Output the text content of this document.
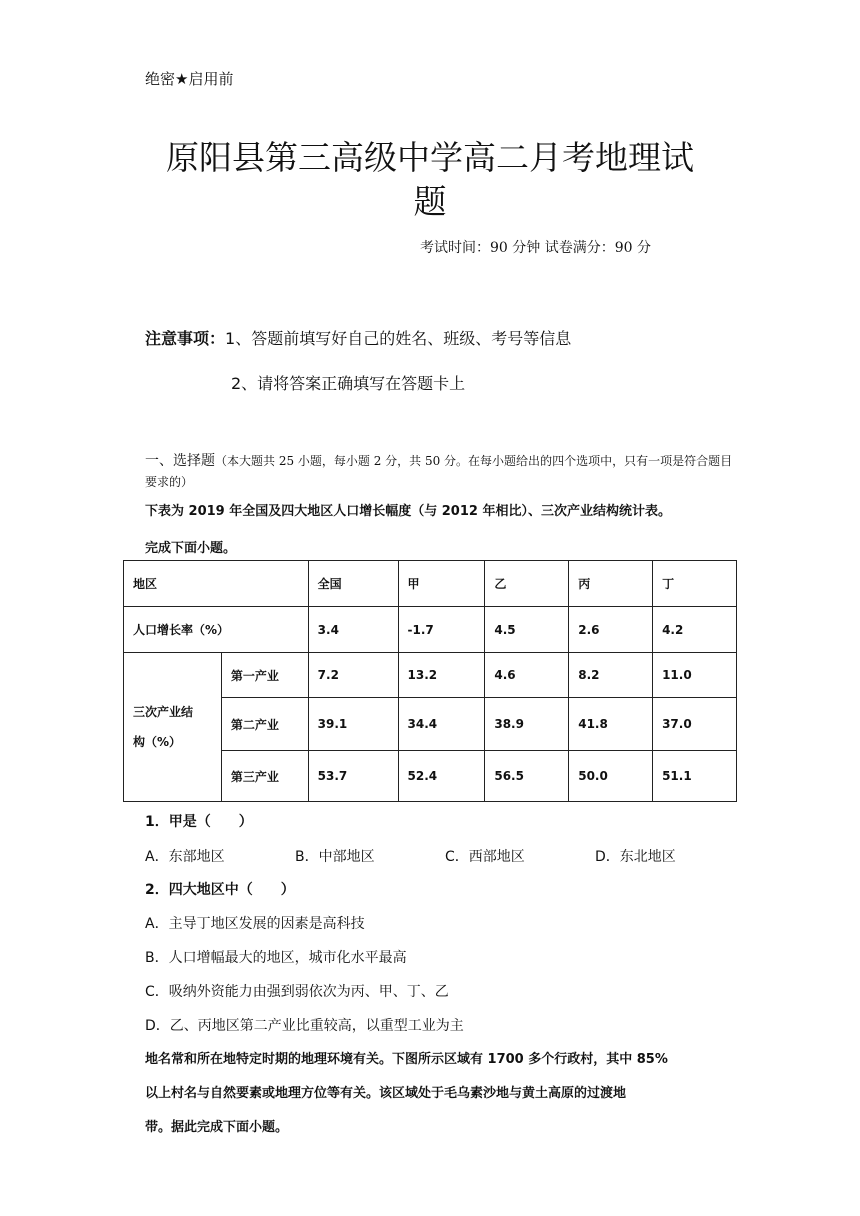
绝密★启用前
原阳县第三高级中学高二月考地理试
题
考试时间：90 分钟 试卷满分：90 分
注意事项：1、答题前填写好自己的姓名、班级、考号等信息
2、请将答案正确填写在答题卡上
一、选择题（本大题共 25 小题，每小题 2 分，共 50 分。在每小题给出的四个选项中，只有一项是符合题目要求的）
下表为 2019 年全国及四大地区人口增长幅度（与 2012 年相比）、三次产业结构统计表。
完成下面小题。
地区		全国	甲	乙	丙	丁
人口增长率（%）		3.4	-1.7	4.5	2.6	4.2
三次产业结
构（%）	第一产业	7.2	13.2	4.6	8.2	11.0
	第二产业	39.1	34.4	38.9	41.8	37.0
	第三产业	53.7	52.4	56.5	50.0	51.1
1．甲是（　　）
A．东部地区	B．中部地区	C．西部地区	D．东北地区
2．四大地区中（　　）
A．主导丁地区发展的因素是高科技
B．人口增幅最大的地区，城市化水平最高
C．吸纳外资能力由强到弱依次为丙、甲、丁、乙
D．乙、丙地区第二产业比重较高，以重型工业为主
地名常和所在地特定时期的地理环境有关。下图所示区域有 1700 多个行政村，其中 85%
以上村名与自然要素或地理方位等有关。该区域处于毛乌素沙地与黄土高原的过渡地
带。据此完成下面小题。
